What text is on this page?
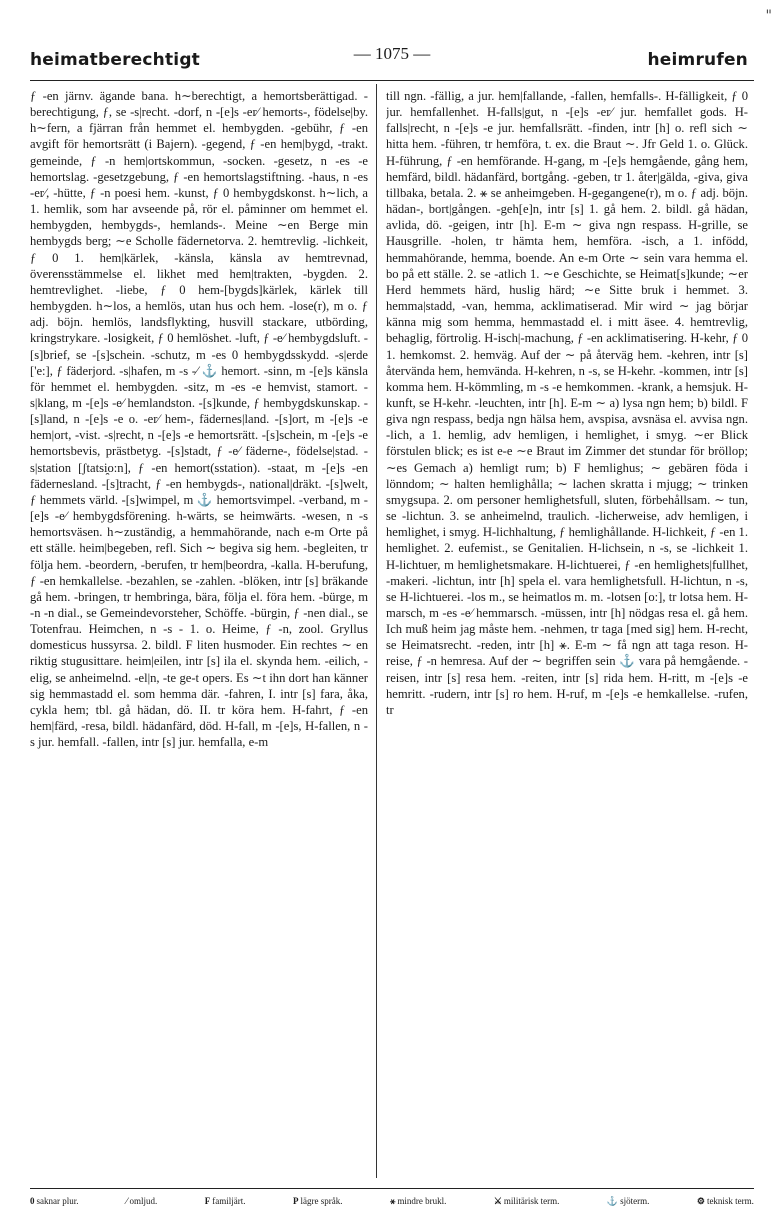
"
heimatberechtigt	— 1075 —	heimrufen

ƒ -en järnv. ägande bana. h∼berechtigt, a hemortsberättigad. -berechtigung, ƒ, se -s|recht. -dorf, n -[e]s -er⁄ hemorts-, födelse|by. h∼fern, a fjärran från hemmet el. hembygden. -gebühr, ƒ -en avgift för hemortsrätt (i Bajern). -gegend, ƒ -en hem|bygd, -trakt. gemeinde, ƒ -n hem|ortskommun, -socken. -gesetz, n -es -e hemortslag. -gesetzgebung, ƒ -en hemortslagstiftning. -haus, n -es -er⁄, -hütte, ƒ -n poesi hem. -kunst, ƒ 0 hembygdskonst. h∼lich, a 1. hemlik, som har avseende på, rör el. påminner om hemmet el. hembygden, hembygds-, hemlands-. Meine ∼en Berge min hembygds berg; ∼e Scholle fädernetorva. 2. hemtrevlig. -lichkeit, ƒ 0 1. hem|kärlek, -känsla, känsla av hemtrevnad, överensstämmelse el. likhet med hem|trakten, -bygden. 2. hemtrevlighet. -liebe, ƒ 0 hem-[bygds]kärlek, kärlek till hembygden. h∼los, a hemlös, utan hus och hem. -lose(r), m o. ƒ adj. böjn. hemlös, landsflykting, husvill stackare, utbörding, kringstrykare. -losigkeit, ƒ 0 hemlöshet. -luft, ƒ -e⁄ hembygdsluft. -[s]brief, se -[s]schein. -schutz, m -es 0 hembygdsskydd. -s|erde ['e:], ƒ fäderjord. -s|hafen, m -s -⁄ ⚓ hemort. -sinn, m -[e]s känsla för hemmet el. hembygden. -sitz, m -es -e hemvist, stamort. -s|klang, m -[e]s -e⁄ hemlandston. -[s]kunde, ƒ hembygdskunskap. -[s]land, n -[e]s -e o. -er⁄ hem-, fädernes|land. -[s]ort, m -[e]s -e hem|ort, -vist. -s|recht, n -[e]s -e hemortsrätt. -[s]schein, m -[e]s -e hemortsbevis, prästbetyg. -[s]stadt, ƒ -e⁄ fäderne-, födelse|stad. -s|station [ʃtatsi̯o:n], ƒ -en hemort(sstation). -staat, m -[e]s -en fädernesland. -[s]tracht, ƒ -en hembygds-, national|dräkt. -[s]welt, ƒ hemmets värld. -[s]wimpel, m ⚓ hemortsvimpel. -verband, m -[e]s -e⁄ hembygdsförening. h-wärts, se heimwärts. -wesen, n -s hemortsväsen. h∼zuständig, a hemmahörande, nach e-m Orte på ett ställe. heim|begeben, refl. Sich ∼ begiva sig hem. -begleiten, tr följa hem. -beordern, -berufen, tr hem|beordra, -kalla. H-berufung, ƒ -en hemkallelse. -bezahlen, se -zahlen. -blöken, intr [s] bräkande gå hem. -bringen, tr hembringa, bära, följa el. föra hem. -bürge, m -n -n dial., se Gemeindevorsteher, Schöffe. -bürgin, ƒ -nen dial., se Totenfrau. Heimchen, n -s - 1. o. Heime, ƒ -n, zool. Gryllus domesticus hussyrsa. 2. bildl. F liten husmoder. Ein rechtes ∼ en riktig stugusittare. heim|eilen, intr [s] ila el. skynda hem. -eilich, -elig, se anheimelnd. -el|n, -te ge-t opers. Es ∼t ihn dort han känner sig hemmastadd el. som hemma där. -fahren, I. intr [s] fara, åka, cykla hem; tbl. gå hädan, dö. II. tr köra hem. H-fahrt, ƒ -en hem|färd, -resa, bildl. hädanfärd, död. H-fall, m -[e]s, H-fallen, n -s jur. hemfall. -fallen, intr [s] jur. hemfalla, e-m

till ngn. -fällig, a jur. hem|fallande, -fallen, hemfalls-. H-fälligkeit, ƒ 0 jur. hemfallenhet. H-falls|gut, n -[e]s -er⁄ jur. hemfallet gods. H-falls|recht, n -[e]s -e jur. hemfallsrätt. -finden, intr [h] o. refl sich ∼ hitta hem. -führen, tr hemföra, t. ex. die Braut ∼. Jfr Geld 1. o. Glück. H-führung, ƒ -en hemförande. H-gang, m -[e]s hemgående, gång hem, hemfärd, bildl. hädanfärd, bortgång. -geben, tr 1. åter|gälda, -giva, giva tillbaka, betala. 2. ⚹ se anheimgeben. H-gegangene(r), m o. ƒ adj. böjn. hädan-, bort|gången. -geh[e]n, intr [s] 1. gå hem. 2. bildl. gå hädan, avlida, dö. -geigen, intr [h]. E-m ∼ giva ngn respass. H-grille, se Hausgrille. -holen, tr hämta hem, hemföra. -isch, a 1. infödd, hemmahörande, hemma, boende. An e-m Orte ∼ sein vara hemma el. bo på ett ställe. 2. se -atlich 1. ∼e Geschichte, se Heimat[s]kunde; ∼er Herd hemmets härd, huslig härd; ∼e Sitte bruk i hemmet. 3. hemma|stadd, -van, hemma, acklimatiserad. Mir wird ∼ jag börjar känna mig som hemma, hemmastadd el. i mitt äsee. 4. hemtrevlig, behaglig, förtrolig. H-isch|-machung, ƒ -en acklimatisering. H-kehr, ƒ 0 1. hemkomst. 2. hemväg. Auf der ∼ på återväg hem. -kehren, intr [s] återvända hem, hemvända. H-kehren, n -s, se H-kehr. -kommen, intr [s] komma hem. H-kömmling, m -s -e hemkommen. -krank, a hemsjuk. H-kunft, se H-kehr. -leuchten, intr [h]. E-m ∼ a) lysa ngn hem; b) bildl. F giva ngn respass, bedja ngn hälsa hem, avspisa, avsnäsa el. avvisa ngn. -lich, a 1. hemlig, adv hemligen, i hemlighet, i smyg. ∼er Blick förstulen blick; es ist e-e ∼e Braut im Zimmer det stundar för bröllop; ∼es Gemach a) hemligt rum; b) F hemlighus; ∼ gebären föda i lönndom; ∼ halten hemlighålla; ∼ lachen skratta i mjugg; ∼ trinken smygsupa. 2. om personer hemlighetsfull, sluten, förbehållsam. ∼ tun, se -lichtun. 3. se anheimelnd, traulich. -licherweise, adv hemligen, i hemlighet, i smyg. H-lichhaltung, ƒ hemlighållande. H-lichkeit, ƒ -en 1. hemlighet. 2. eufemist., se Genitalien. H-lichsein, n -s, se -lichkeit 1. H-lichtuer, m hemlighetsmakare. H-lichtuerei, ƒ -en hemlighets|fullhet, -makeri. -lichtun, intr [h] spela el. vara hemlighetsfull. H-lichtun, n -s, se H-lichtuerei. -los m., se heimatlos m. m. -lotsen [o:], tr lotsa hem. H-marsch, m -es -e⁄ hemmarsch. -müssen, intr [h] nödgas resa el. gå hem. Ich muß heim jag måste hem. -nehmen, tr taga [med sig] hem. H-recht, se Heimatsrecht. -reden, intr [h] ⚹. E-m ∼ få ngn att taga reson. H-reise, ƒ -n hemresa. Auf der ∼ begriffen sein ⚓ vara på hemgående. -reisen, intr [s] resa hem. -reiten, intr [s] rida hem. H-ritt, m -[e]s -e hemritt. -rudern, intr [s] ro hem. H-ruf, m -[e]s -e hemkallelse. -rufen, tr

0 saknar plur.	⁄ omljud.	F familjärt.	P lägre språk.	⚹ mindre brukl.	⚔ militärisk term.	⚓ sjöterm.	⚙ teknisk term.
